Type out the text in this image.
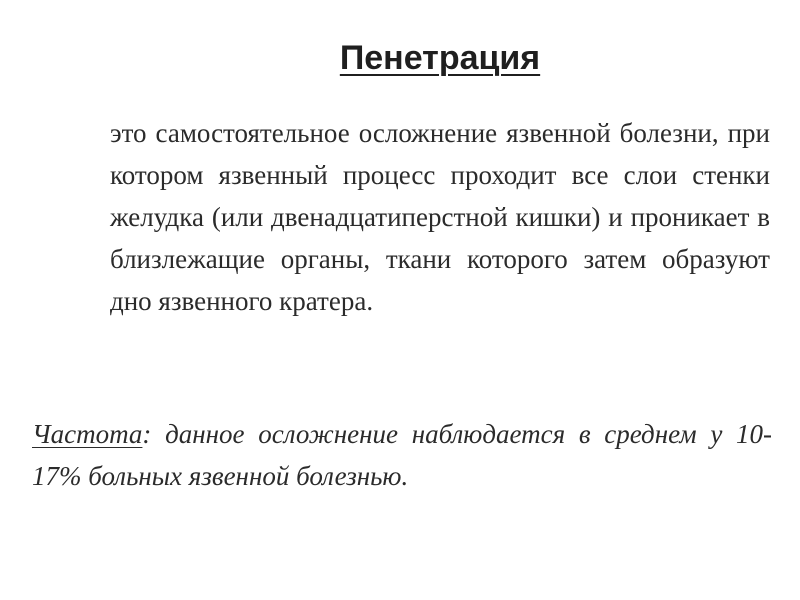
Пенетрация
это самостоятельное осложнение язвенной болезни, при котором язвенный процесс проходит все слои стенки желудка (или двенадцатиперстной кишки) и проникает в близлежащие органы, ткани которого затем образуют дно язвенного кратера.
Частота: данное осложнение наблюдается в среднем у 10-17% больных язвенной болезнью.
